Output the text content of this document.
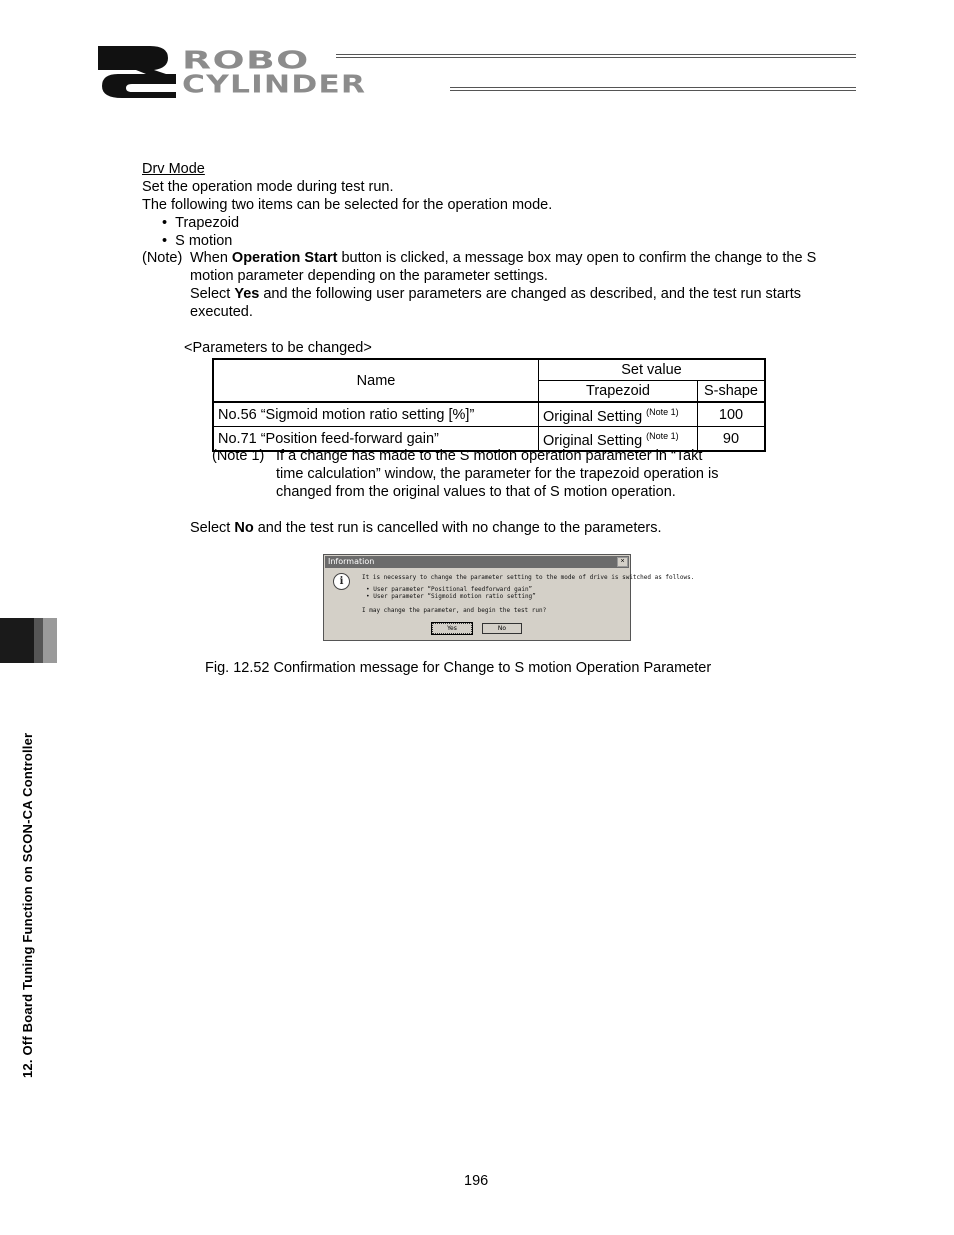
ROBO
CYLINDER
Drv Mode
Set the operation mode during test run.
The following two items can be selected for the operation mode.
•  Trapezoid
•  S motion
(Note) When Operation Start button is clicked, a message box may open to confirm the change to the S
motion parameter depending on the parameter settings.
Select Yes and the following user parameters are changed as described, and the test run starts
executed.
<Parameters to be changed>
Name	Set value	
	Trapezoid	S-shape
No.56 “Sigmoid motion ratio setting [%]”	Original Setting $^{(Note 1)}$	100
No.71 “Position feed-forward gain”	Original Setting $^{(Note 1)}$	90
(Note 1) If a change has made to the S motion operation parameter in “Takt
time calculation” window, the parameter for the trapezoid operation is
changed from the original values to that of S motion operation.
Select No and the test run is cancelled with no change to the parameters.
Information	×
i	It is necessary to change the parameter setting to the mode of drive is switched as follows.
• User parameter “Positional feedforward gain”
• User parameter “Sigmoid motion ratio setting”
I may change the parameter, and begin the test run?
Yes	No
Fig. 12.52 Confirmation message for Change to S motion Operation Parameter
12. Off Board Tuning Function on SCON-CA Controller
196
